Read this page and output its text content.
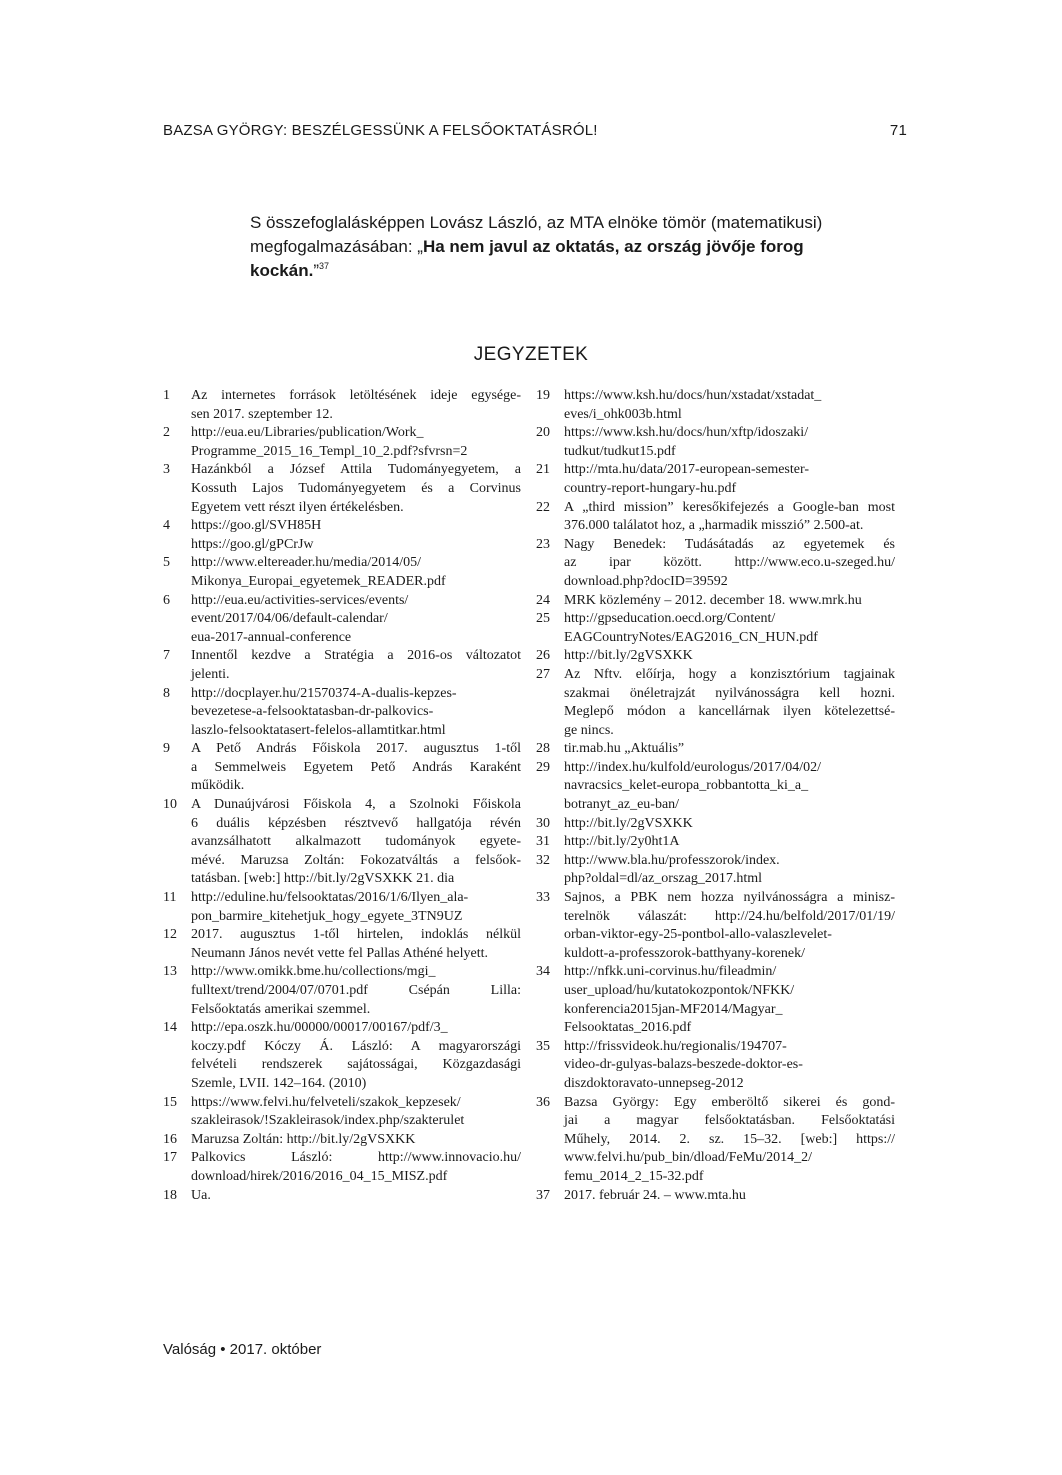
BAZSA GYÖRGY: BESZÉLGESSÜNK A FELSŐOKTATÁSRÓL!	71

S összefoglalásképpen Lovász László, az MTA elnöke tömör (matematikusi) megfogalmazásában: „Ha nem javul az oktatás, az ország jövője forog kockán.”$^{37}$

JEGYZETEK
1	Az internetes források letöltésének ideje egysége-
sen 2017. szeptember 12.
2	http://eua.eu/Libraries/publication/Work_
Programme_2015_16_Templ_10_2.pdf?sfvrsn=2
3	Hazánkból a József Attila Tudományegyetem, a
Kossuth Lajos Tudományegyetem és a Corvinus
Egyetem vett részt ilyen értékelésben.
4	https://goo.gl/SVH85H
https://goo.gl/gPCrJw
5	http://www.eltereader.hu/media/2014/05/
Mikonya_Europai_egyetemek_READER.pdf
6	http://eua.eu/activities-services/events/
event/2017/04/06/default-calendar/
eua-2017-annual-conference
7	Innentől kezdve a Stratégia a 2016-os változatot
jelenti.
8	http://docplayer.hu/21570374-A-dualis-kepzes-
bevezetese-a-felsooktatasban-dr-palkovics-
laszlo-felsooktatasert-felelos-allamtitkar.html
9	A Pető András Főiskola 2017. augusztus 1-től
a Semmelweis Egyetem Pető András Karaként
működik.
10	A Dunaújvárosi Főiskola 4, a Szolnoki Főiskola
6 duális képzésben résztvevő hallgatója révén
avanzsálhatott alkalmazott tudományok egyete-
mévé. Maruzsa Zoltán: Fokozatváltás a felsőok-
tatásban. [web:] http://bit.ly/2gVSXKK 21. dia
11	http://eduline.hu/felsooktatas/2016/1/6/Ilyen_ala-
pon_barmire_kitehetjuk_hogy_egyete_3TN9UZ
12	2017. augusztus 1-től hirtelen, indoklás nélkül
Neumann János nevét vette fel Pallas Athéné helyett.
13	http://www.omikk.bme.hu/collections/mgi_
fulltext/trend/2004/07/0701.pdf Csépán Lilla:
Felsőoktatás amerikai szemmel.
14	http://epa.oszk.hu/00000/00017/00167/pdf/3_
koczy.pdf Kóczy Á. László: A magyarországi
felvételi rendszerek sajátosságai, Közgazdasági
Szemle, LVII. 142–164. (2010)
15	https://www.felvi.hu/felveteli/szakok_kepzesek/
szakleirasok/!Szakleirasok/index.php/szakterulet
16	Maruzsa Zoltán: http://bit.ly/2gVSXKK
17	Palkovics László: http://www.innovacio.hu/
download/hirek/2016/2016_04_15_MISZ.pdf
18	Ua.
19	https://www.ksh.hu/docs/hun/xstadat/xstadat_
eves/i_ohk003b.html
20	https://www.ksh.hu/docs/hun/xftp/idoszaki/
tudkut/tudkut15.pdf
21	http://mta.hu/data/2017-european-semester-
country-report-hungary-hu.pdf
22	A „third mission” keresőkifejezés a Google-ban most
376.000 találatot hoz, a „harmadik misszió” 2.500-at.
23	Nagy Benedek: Tudásátadás az egyetemek és
az ipar között. http://www.eco.u-szeged.hu/
download.php?docID=39592
24	MRK közlemény – 2012. december 18. www.mrk.hu
25	http://gpseducation.oecd.org/Content/
EAGCountryNotes/EAG2016_CN_HUN.pdf
26	http://bit.ly/2gVSXKK
27	Az Nftv. előírja, hogy a konzisztórium tagjainak
szakmai önéletrajzát nyilvánosságra kell hozni.
Meglepő módon a kancellárnak ilyen kötelezettsé-
ge nincs.
28	tir.mab.hu „Aktuális”
29	http://index.hu/kulfold/eurologus/2017/04/02/
navracsics_kelet-europa_robbantotta_ki_a_
botranyt_az_eu-ban/
30	http://bit.ly/2gVSXKK
31	http://bit.ly/2y0ht1A
32	http://www.bla.hu/professzorok/index.
php?oldal=dl/az_orszag_2017.html
33	Sajnos, a PBK nem hozza nyilvánosságra a minisz-
terelnök válaszát: http://24.hu/belfold/2017/01/19/
orban-viktor-egy-25-pontbol-allo-valaszlevelet-
kuldott-a-professzorok-batthyany-korenek/
34	http://nfkk.uni-corvinus.hu/fileadmin/
user_upload/hu/kutatokozpontok/NFKK/
konferencia2015jan-MF2014/Magyar_
Felsooktatas_2016.pdf
35	http://frissvideok.hu/regionalis/194707-
video-dr-gulyas-balazs-beszede-doktor-es-
diszdoktoravato-unnepseg-2012
36	Bazsa György: Egy emberöltő sikerei és gond-
jai a magyar felsőoktatásban. Felsőoktatási
Műhely, 2014. 2. sz. 15–32. [web:] https://
www.felvi.hu/pub_bin/dload/FeMu/2014_2/
femu_2014_2_15-32.pdf
37	2017. február 24. – www.mta.hu
Valóság • 2017. október
